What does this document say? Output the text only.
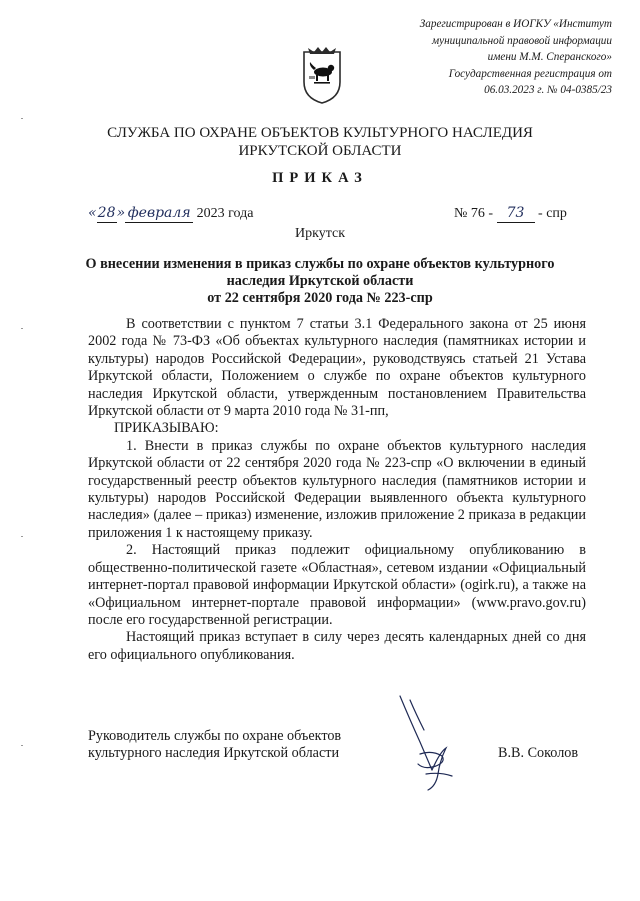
Зарегистрирован в ИОГКУ «Институт
муниципальной правовой информации
имени М.М. Сперанского»
Государственная регистрация от
06.03.2023 г. № 04-0385/23
СЛУЖБА ПО ОХРАНЕ ОБЪЕКТОВ КУЛЬТУРНОГО НАСЛЕДИЯ
ИРКУТСКОЙ ОБЛАСТИ
ПРИКАЗ
«28» февраля 2023 года	№ 76 - 73 - спр
Иркутск
О внесении изменения в приказ службы по охране объектов культурного
наследия Иркутской области
от 22 сентября 2020 года № 223-спр

В соответствии с пунктом 7 статьи 3.1 Федерального закона от 25 июня 2002 года № 73-ФЗ «Об объектах культурного наследия (памятниках истории и культуры) народов Российской Федерации», руководствуясь статьей 21 Устава Иркутской области, Положением о службе по охране объектов культурного наследия Иркутской области, утвержденным постановлением Правительства Иркутской области от 9 марта 2010 года № 31-пп,

ПРИКАЗЫВАЮ:

1. Внести в приказ службы по охране объектов культурного наследия Иркутской области от 22 сентября 2020 года № 223-спр «О включении в единый государственный реестр объектов культурного наследия (памятников истории и культуры) народов Российской Федерации выявленного объекта культурного наследия» (далее – приказ) изменение, изложив приложение 2 приказа в редакции приложения 1 к настоящему приказу.

2. Настоящий приказ подлежит официальному опубликованию в общественно-политической газете «Областная», сетевом издании «Официальный интернет-портал правовой информации Иркутской области» (ogirk.ru), а также на «Официальном интернет-портале правовой информации» (www.pravo.gov.ru) после его государственной регистрации.

Настоящий приказ вступает в силу через десять календарных дней со дня его официального опубликования.

Руководитель службы по охране объектов
культурного наследия Иркутской области	В.В. Соколов
